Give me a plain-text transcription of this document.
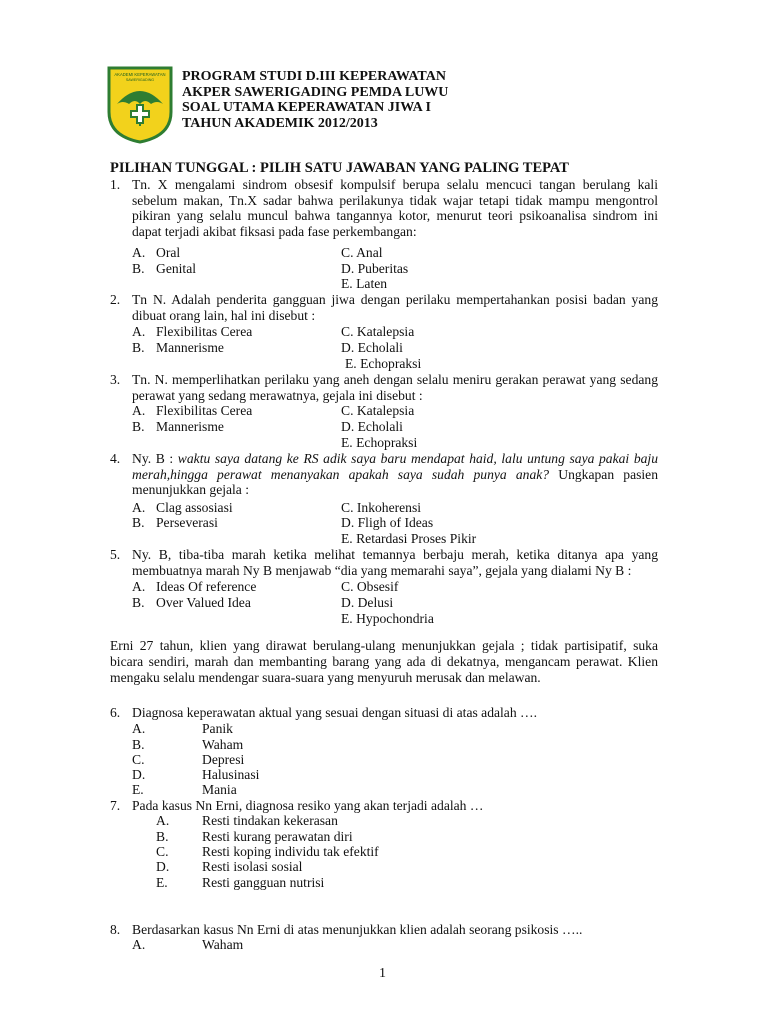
AKADEMI KEPERAWATAN
SAWERIGADING PROGRAM STUDI D.III KEPERAWATAN
AKPER SAWERIGADING PEMDA LUWU
SOAL UTAMA KEPERAWATAN JIWA I
TAHUN AKADEMIK 2012/2013
PILIHAN TUNGGAL : PILIH SATU JAWABAN YANG PALING TEPAT
1. Tn. X mengalami sindrom obsesif kompulsif berupa selalu mencuci tangan berulang kali sebelum makan, Tn.X sadar bahwa perilakunya tidak wajar tetapi tidak mampu mengontrol pikiran yang selalu muncul bahwa tangannya kotor, menurut teori psikoanalisa sindrom ini dapat terjadi akibat fiksasi pada fase perkembangan:
A. Oral
B. Genital
C. Anal
D. Puberitas
E. Laten
2. Tn N. Adalah penderita gangguan jiwa dengan perilaku mempertahankan posisi badan yang dibuat orang lain, hal ini disebut :
A. Flexibilitas Cerea
B. Mannerisme
C. Katalepsia
D. Echolali
E. Echopraksi
3. Tn. N. memperlihatkan perilaku yang aneh dengan selalu meniru gerakan perawat yang sedang perawat yang sedang merawatnya, gejala ini disebut :
A. Flexibilitas Cerea
B. Mannerisme
C. Katalepsia
D. Echolali
E. Echopraksi
4. Ny. B : waktu saya datang ke RS adik saya baru mendapat haid, lalu untung saya pakai baju merah,hingga perawat menanyakan apakah saya sudah punya anak? Ungkapan pasien menunjukkan gejala :
A. Clag assosiasi
B. Perseverasi
C. Inkoherensi
D. Fligh of Ideas
E. Retardasi Proses Pikir
5. Ny. B, tiba-tiba marah ketika melihat temannya berbaju merah, ketika ditanya apa yang membuatnya marah Ny B menjawab “dia yang memarahi saya”, gejala yang dialami Ny B :
A. Ideas Of reference
B. Over Valued Idea
C. Obsesif
D. Delusi
E. Hypochondria
Erni 27 tahun, klien yang dirawat berulang-ulang menunjukkan gejala ; tidak partisipatif, suka bicara sendiri, marah dan membanting barang yang ada di dekatnya, mengancam perawat. Klien mengaku selalu mendengar suara-suara yang menyuruh merusak dan melawan.
6. Diagnosa keperawatan aktual yang sesuai dengan situasi di atas adalah ….
A.	Panik
B.	Waham
C.	Depresi
D.	Halusinasi
E.	Mania
7. Pada kasus Nn Erni, diagnosa resiko yang akan terjadi adalah …
A. Resti tindakan kekerasan
B. Resti kurang perawatan diri
C. Resti koping individu tak efektif
D. Resti isolasi sosial
E.	Resti gangguan nutrisi
8. Berdasarkan kasus Nn Erni di atas menunjukkan klien adalah seorang psikosis …..
A.	Waham
1
